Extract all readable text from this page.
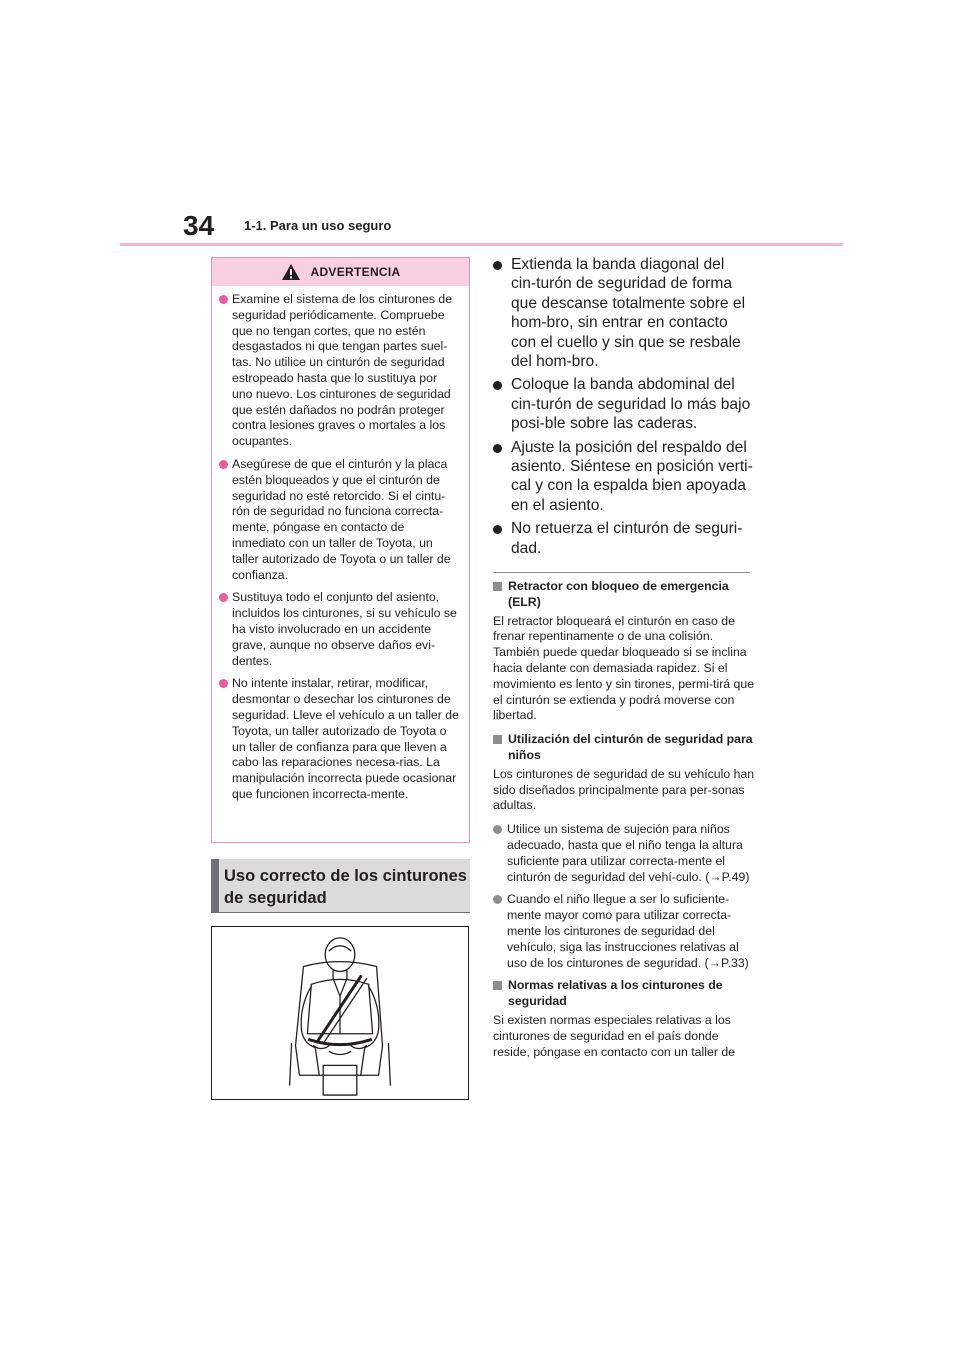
34 1-1. Para un uso seguro
ADVERTENCIA
Examine el sistema de los cinturones de seguridad periódicamente. Compruebe que no tengan cortes, que no estén desgastados ni que tengan partes suel-tas. No utilice un cinturón de seguridad estropeado hasta que lo sustituya por uno nuevo. Los cinturones de seguridad que estén dañados no podrán proteger contra lesiones graves o mortales a los ocupantes.
Asegúrese de que el cinturón y la placa estén bloqueados y que el cinturón de seguridad no esté retorcido. Si el cintu-rón de seguridad no funciona correcta-mente, póngase en contacto de inmediato con un taller de Toyota, un taller autorizado de Toyota o un taller de confianza.
Sustituya todo el conjunto del asiento, incluidos los cinturones, si su vehículo se ha visto involucrado en un accidente grave, aunque no observe daños evi-dentes.
No intente instalar, retirar, modificar, desmontar o desechar los cinturones de seguridad. Lleve el vehículo a un taller de Toyota, un taller autorizado de Toyota o un taller de confianza para que lleven a cabo las reparaciones necesa-rias. La manipulación incorrecta puede ocasionar que funcionen incorrecta-mente.
Uso correcto de los cinturones
de seguridad
Extienda la banda diagonal del cin-turón de seguridad de forma que descanse totalmente sobre el hom-bro, sin entrar en contacto con el cuello y sin que se resbale del hom-bro.
Coloque la banda abdominal del cin-turón de seguridad lo más bajo posi-ble sobre las caderas.
Ajuste la posición del respaldo del asiento. Siéntese en posición verti-cal y con la espalda bien apoyada en el asiento.
No retuerza el cinturón de seguri-dad.
Retractor con bloqueo de emergencia (ELR)

El retractor bloqueará el cinturón en caso de frenar repentinamente o de una colisión. También puede quedar bloqueado si se inclina hacia delante con demasiada rapidez. Si el movimiento es lento y sin tirones, permi-tirá que el cinturón se extienda y podrá moverse con libertad.

Utilización del cinturón de seguridad para niños

Los cinturones de seguridad de su vehículo han sido diseñados principalmente para per-sonas adultas.

Utilice un sistema de sujeción para niños adecuado, hasta que el niño tenga la altura suficiente para utilizar correcta-mente el cinturón de seguridad del vehí-culo. (→P.49)
Cuando el niño llegue a ser lo suficiente-mente mayor como para utilizar correcta-mente los cinturones de seguridad del vehículo, siga las instrucciones relativas al uso de los cinturones de seguridad. (→P.33)
Normas relativas a los cinturones de seguridad

Si existen normas especiales relativas a los cinturones de seguridad en el país donde reside, póngase en contacto con un taller de
